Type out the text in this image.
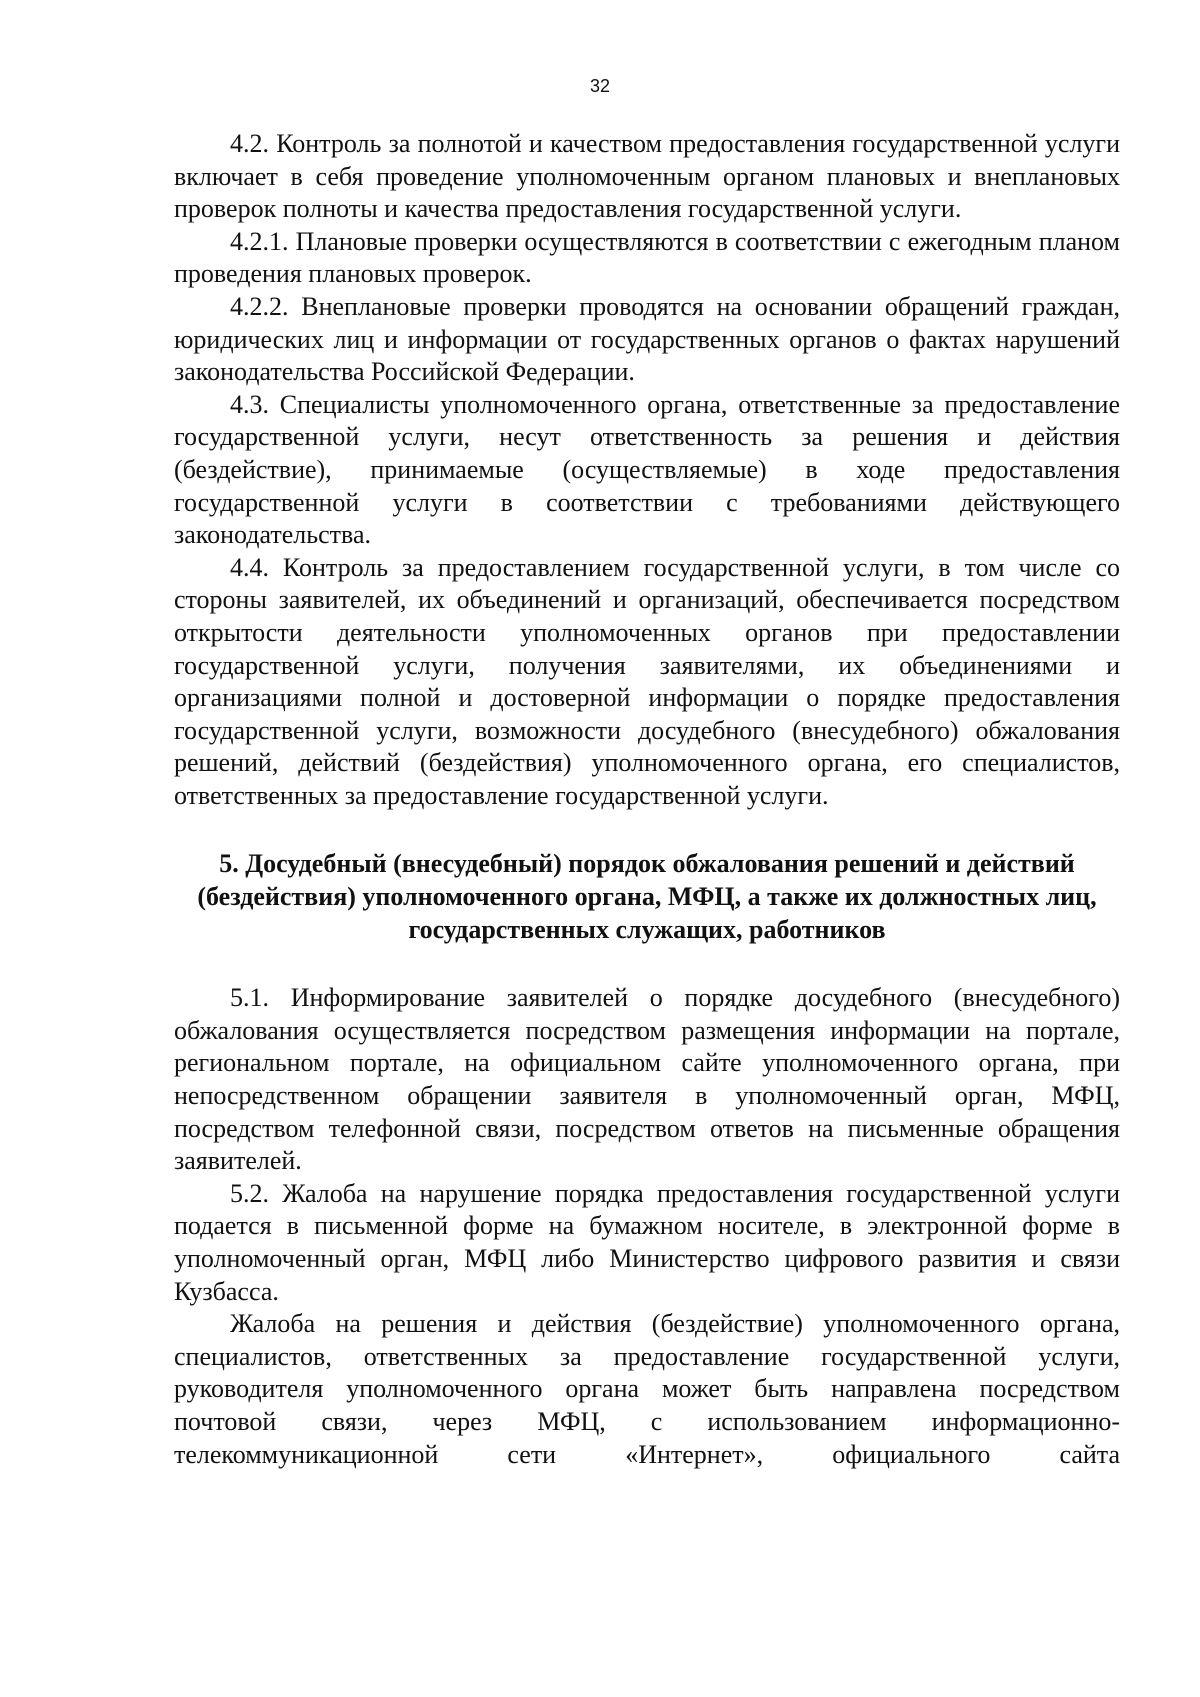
32

4.2. Контроль за полнотой и качеством предоставления государственной услуги включает в себя проведение уполномоченным органом плановых и внеплановых проверок полноты и качества предоставления государственной услуги.

4.2.1. Плановые проверки осуществляются в соответствии с ежегодным планом проведения плановых проверок.

4.2.2. Внеплановые проверки проводятся на основании обращений граждан, юридических лиц и информации от государственных органов о фактах нарушений законодательства Российской Федерации.

4.3. Специалисты уполномоченного органа, ответственные за предоставление государственной услуги, несут ответственность за решения и действия (бездействие), принимаемые (осуществляемые) в ходе предоставления государственной услуги в соответствии с требованиями действующего законодательства.

4.4. Контроль за предоставлением государственной услуги, в том числе со стороны заявителей, их объединений и организаций, обеспечивается посредством открытости деятельности уполномоченных органов при предоставлении государственной услуги, получения заявителями, их объединениями и организациями полной и достоверной информации о порядке предоставления государственной услуги, возможности досудебного (внесудебного) обжалования решений, действий (бездействия) уполномоченного органа, его специалистов, ответственных за предоставление государственной услуги.

5. Досудебный (внесудебный) порядок обжалования решений и действий (бездействия) уполномоченного органа, МФЦ, а также их должностных лиц, государственных служащих, работников

5.1. Информирование заявителей о порядке досудебного (внесудебного) обжалования осуществляется посредством размещения информации на портале, региональном портале, на официальном сайте уполномоченного органа, при непосредственном обращении заявителя в уполномоченный орган, МФЦ, посредством телефонной связи, посредством ответов на письменные обращения заявителей.

5.2. Жалоба на нарушение порядка предоставления государственной услуги подается в письменной форме на бумажном носителе, в электронной форме в уполномоченный орган, МФЦ либо Министерство цифрового развития и связи Кузбасса.

Жалоба на решения и действия (бездействие) уполномоченного органа, специалистов, ответственных за предоставление государственной услуги, руководителя уполномоченного органа может быть направлена посредством почтовой связи, через МФЦ, с использованием информационно-телекоммуникационной сети «Интернет», официального сайта
